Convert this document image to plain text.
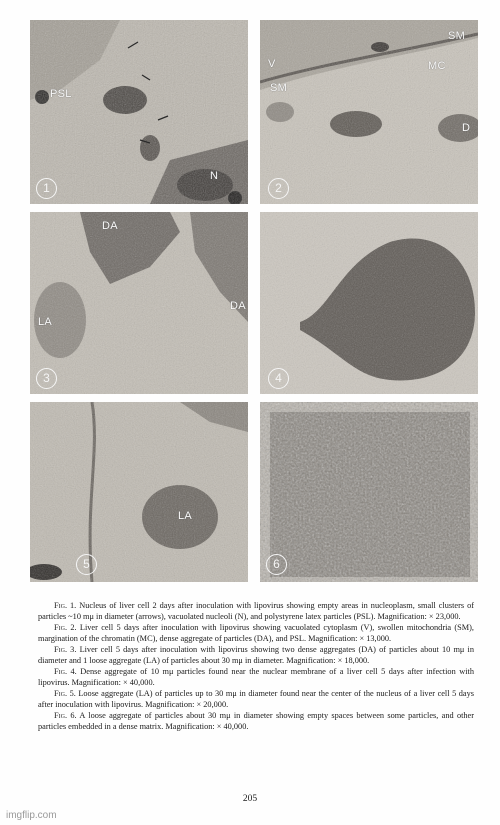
PSL
N
1
V
SM
SM
MC
D
2
DA
DA
LA
3	4
LA
5	6

Fig. 1. Nucleus of liver cell 2 days after inoculation with lipovirus showing empty areas in nucleoplasm, small clusters of particles ~10 mμ in diameter (arrows), vacuolated nucleoli (N), and polystyrene latex particles (PSL). Magnification: × 23,000.

Fig. 2. Liver cell 5 days after inoculation with lipovirus showing vacuolated cytoplasm (V), swollen mitochondria (SM), margination of the chromatin (MC), dense aggregate of particles (DA), and PSL. Magnification: × 13,000.

Fig. 3. Liver cell 5 days after inoculation with lipovirus showing two dense aggregates (DA) of particles about 10 mμ in diameter and 1 loose aggregate (LA) of particles about 30 mμ in diameter. Magnification: × 18,000.

Fig. 4. Dense aggregate of 10 mμ particles found near the nuclear membrane of a liver cell 5 days after infection with lipovirus. Magnification: × 40,000.

Fig. 5. Loose aggregate (LA) of particles up to 30 mμ in diameter found near the center of the nucleus of a liver cell 5 days after inoculation with lipovirus. Magnification: × 20,000.

Fig. 6. A loose aggregate of particles about 30 mμ in diameter showing empty spaces between some particles, and other particles embedded in a dense matrix. Magnification: × 40,000.

205
imgflip.com
